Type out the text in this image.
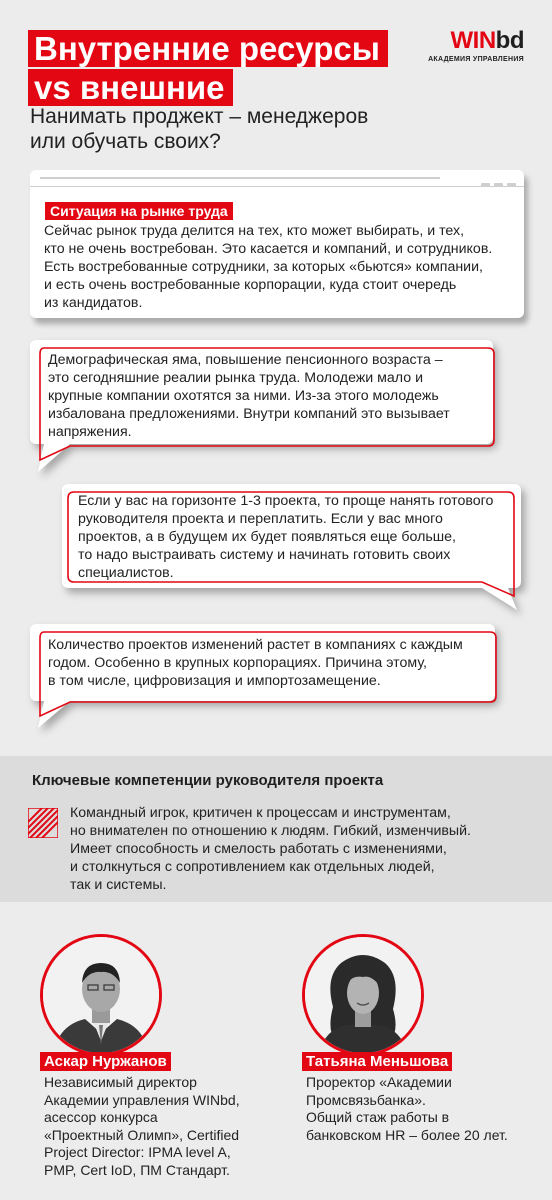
Внутренние ресурсы
vs внешние
WINbd
АКАДЕМИЯ УПРАВЛЕНИЯ
Нанимать проджект – менеджеров
или обучать своих?
Ситуация на рынке труда
Сейчас рынок труда делится на тех, кто может выбирать, и тех,
кто не очень востребован. Это касается и компаний, и сотрудников.
Есть востребованные сотрудники, за которых «бьются» компании,
и есть очень востребованные корпорации, куда стоит очередь
из кандидатов.
Демографическая яма, повышение пенсионного возраста –
это сегодняшние реалии рынка труда. Молодежи мало и
крупные компании охотятся за ними. Из-за этого молодежь
избалована предложениями. Внутри компаний это вызывает
напряжения.
Если у вас на горизонте 1-3 проекта, то проще нанять готового
руководителя проекта и переплатить. Если у вас много
проектов, а в будущем их будет появляться еще больше,
то надо выстраивать систему и начинать готовить своих
специалистов.
Количество проектов изменений растет в компаниях с каждым
годом. Особенно в крупных корпорациях. Причина этому,
в том числе, цифровизация и импортозамещение.
Ключевые компетенции руководителя проекта
Командный игрок, критичен к процессам и инструментам,
но внимателен по отношению к людям. Гибкий, изменчивый.
Имеет способность и смелость работать с изменениями,
и столкнуться с сопротивлением как отдельных людей,
так и системы.
Аскар Нуржанов
Независимый директор
Академии управления WINbd,
асессор конкурса
«Проектный Олимп», Certified
Project Director: IPMA level A,
PMP, Cert IoD, ПМ Стандарт.
Татьяна Меньшова
Проректор «Академии
Промсвязьбанка».
Общий стаж работы в
банковском HR – более 20 лет.
